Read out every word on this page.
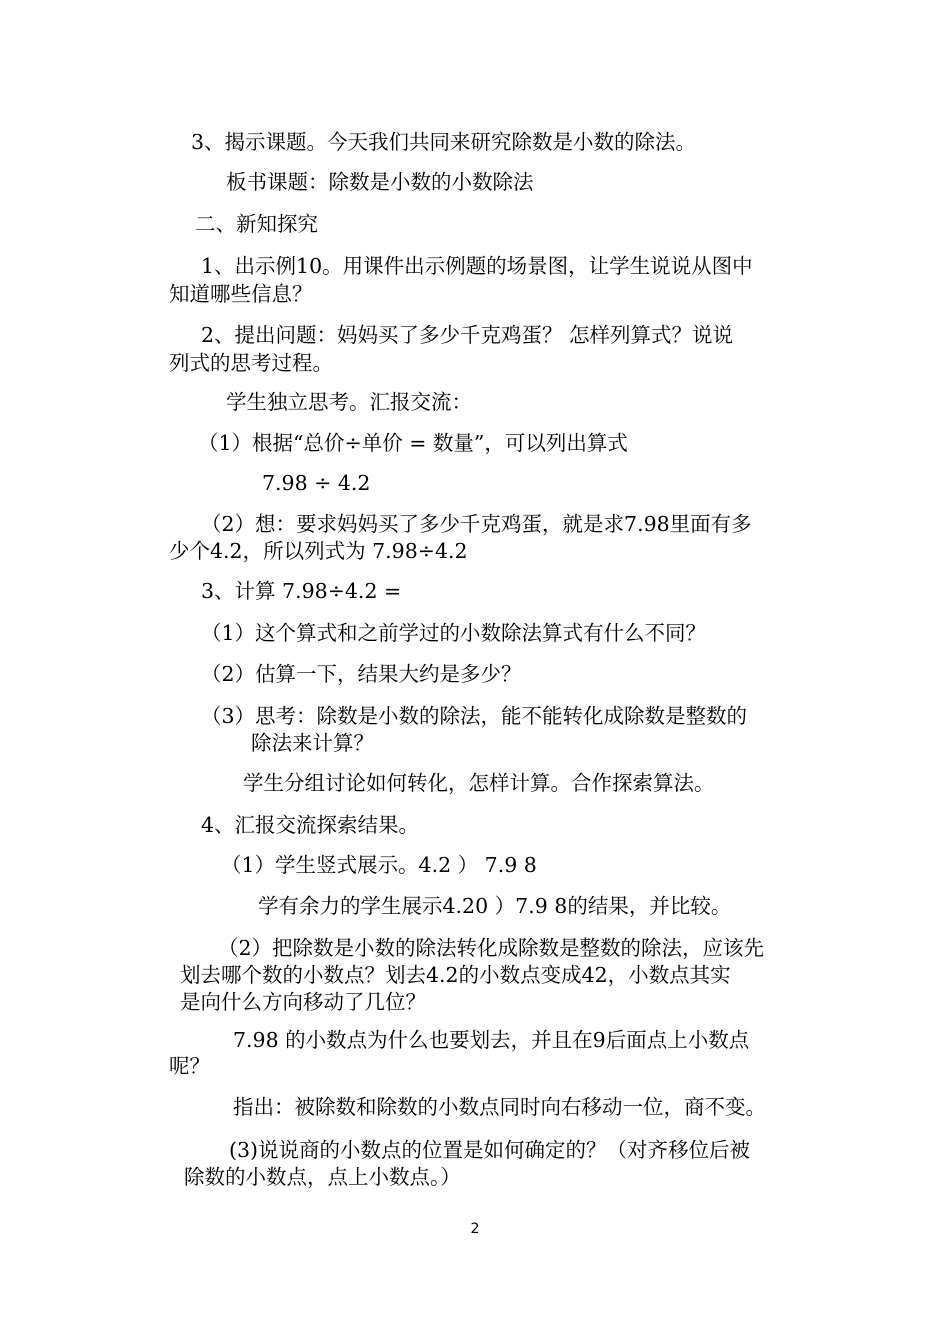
3、揭示课题。今天我们共同来研究除数是小数的除法。
板书课题：除数是小数的小数除法
二、新知探究
1、出示例10。用课件出示例题的场景图，让学生说说从图中
知道哪些信息？
2、提出问题：妈妈买了多少千克鸡蛋？ 怎样列算式？说说
列式的思考过程。
学生独立思考。汇报交流：
（1）根据“总价÷单价 = 数量”，可以列出算式
7.98 ÷ 4.2
（2）想：要求妈妈买了多少千克鸡蛋，就是求7.98里面有多
少个4.2，所以列式为 7.98÷4.2
3、计算 7.98÷4.2 =
（1）这个算式和之前学过的小数除法算式有什么不同？
（2）估算一下，结果大约是多少？
（3）思考：除数是小数的除法，能不能转化成除数是整数的
除法来计算？
学生分组讨论如何转化，怎样计算。合作探索算法。
4、汇报交流探索结果。
（1）学生竖式展示。4.2 ） 7.9 8
学有余力的学生展示4.20 ）7.9 8的结果，并比较。
（2）把除数是小数的除法转化成除数是整数的除法，应该先
划去哪个数的小数点？划去4.2的小数点变成42，小数点其实
是向什么方向移动了几位？
7.98 的小数点为什么也要划去，并且在9后面点上小数点
呢？
指出：被除数和除数的小数点同时向右移动一位，商不变。
(3)说说商的小数点的位置是如何确定的？（对齐移位后被
除数的小数点，点上小数点。）
2
